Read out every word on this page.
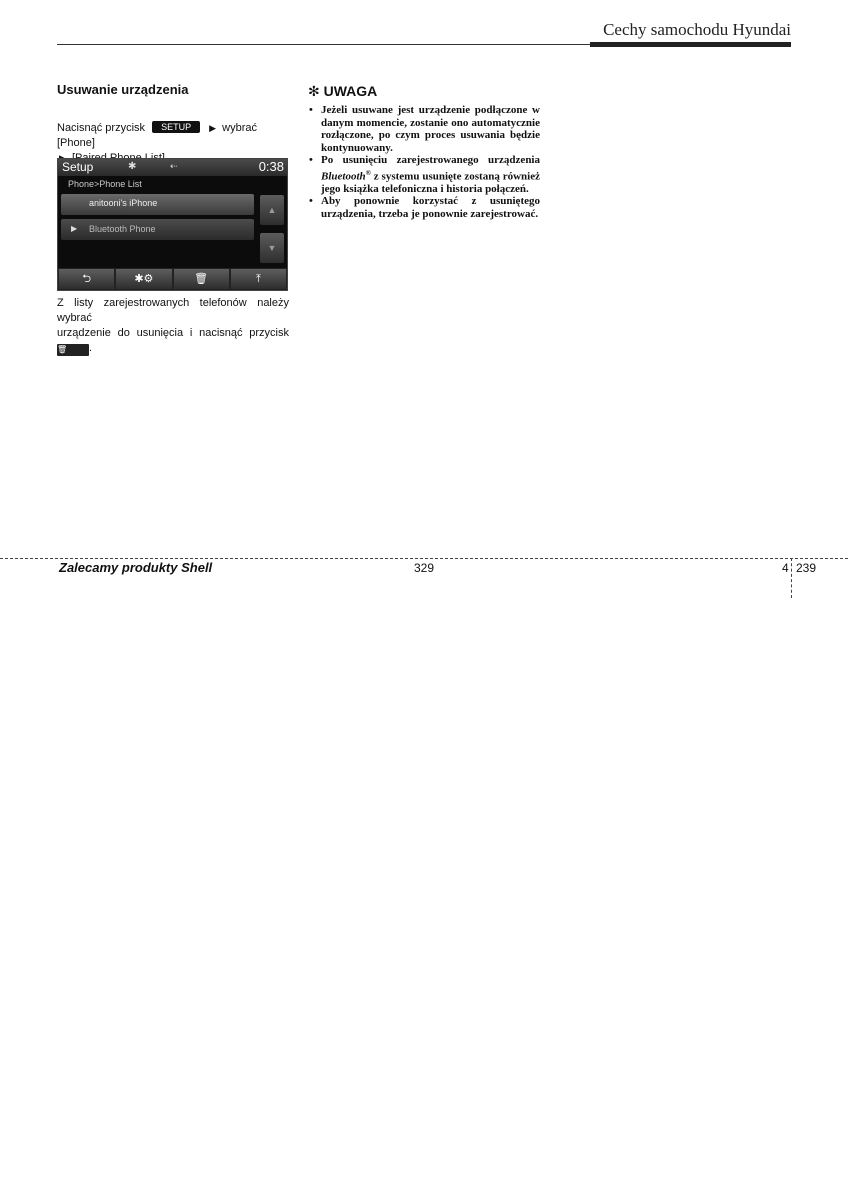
Cechy samochodu Hyundai
Usuwanie urządzenia
Nacisnąć przycisk SETUP ▶ wybrać [Phone]

Setup	✱	⇠	0:38
Phone>Phone List
anitooni's iPhone
▶ Bluetooth Phone
▲
▼
⮌	✱⚙	🗑	⤒

Z listy zarejestrowanych telefonów należy wybrać

urządzenie do usunięcia i nacisnąć przycisk

🗑 .

✻ UWAGA
• Jeżeli usuwane jest urządzenie podłączone w danym momencie, zostanie ono automatycznie rozłączone, po czym proces usuwania będzie kontynuowany.
• Po usunięciu zarejestrowanego urządzenia Bluetooth® z systemu usunięte zostaną również jego książka telefoniczna i historia połączeń.
• Aby ponownie korzystać z usuniętego urządzenia, trzeba je ponownie zarejestrować.
Zalecamy produkty Shell	329	4 239
